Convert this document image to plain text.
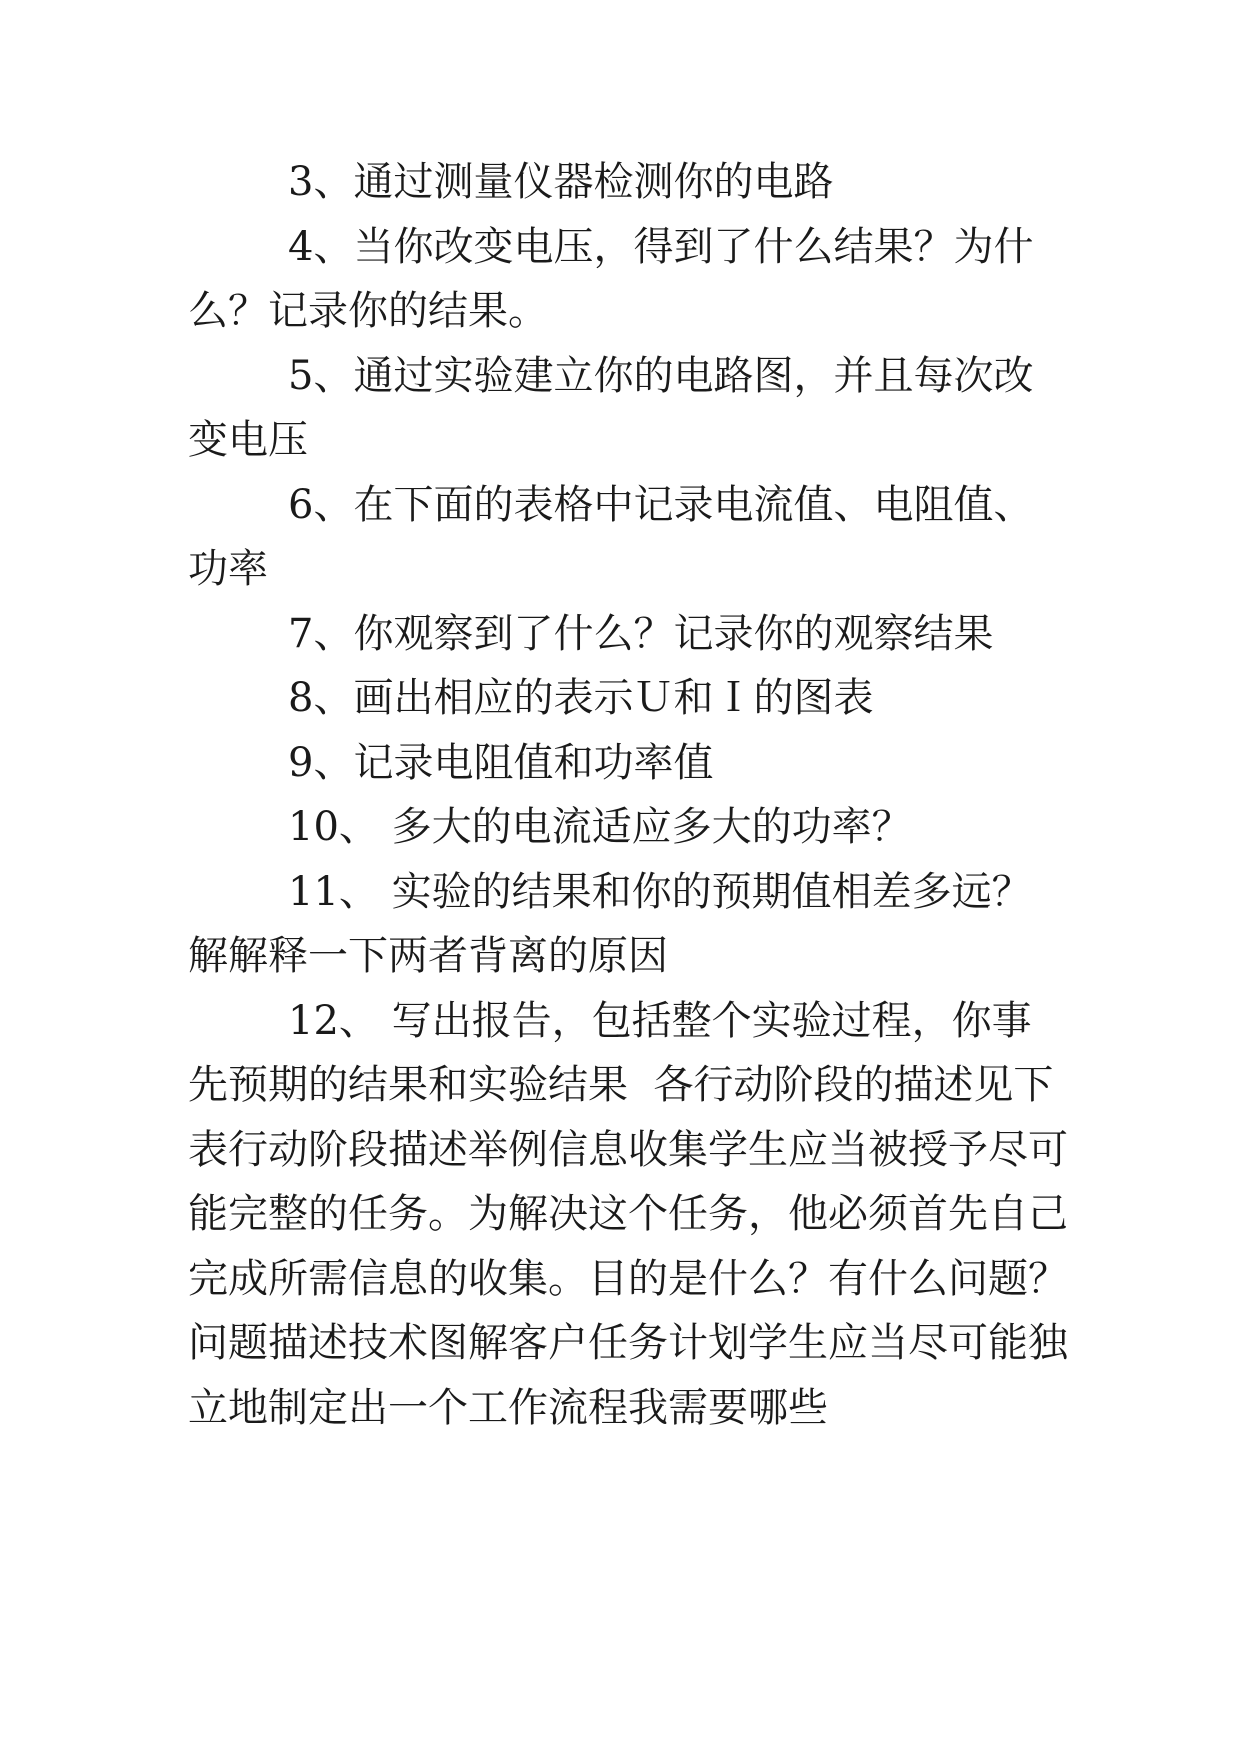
3、通过测量仪器检测你的电路

4、当你改变电压，得到了什么结果？为什么？记录你的结果。

5、通过实验建立你的电路图，并且每次改变电压

6、在下面的表格中记录电流值、电阻值、功率

7、你观察到了什么？记录你的观察结果

8、画出相应的表示Ｕ和Ｉ的图表

9、记录电阻值和功率值

10、 多大的电流适应多大的功率？

11、 实验的结果和你的预期值相差多远？解解释一下两者背离的原因

12、 写出报告，包括整个实验过程，你事先预期的结果和实验结果  各行动阶段的描述见下表行动阶段描述举例信息收集学生应当被授予尽可能完整的任务。为解决这个任务，他必须首先自己完成所需信息的收集。目的是什么？有什么问题？问题描述技术图解客户任务计划学生应当尽可能独立地制定出一个工作流程我需要哪些
